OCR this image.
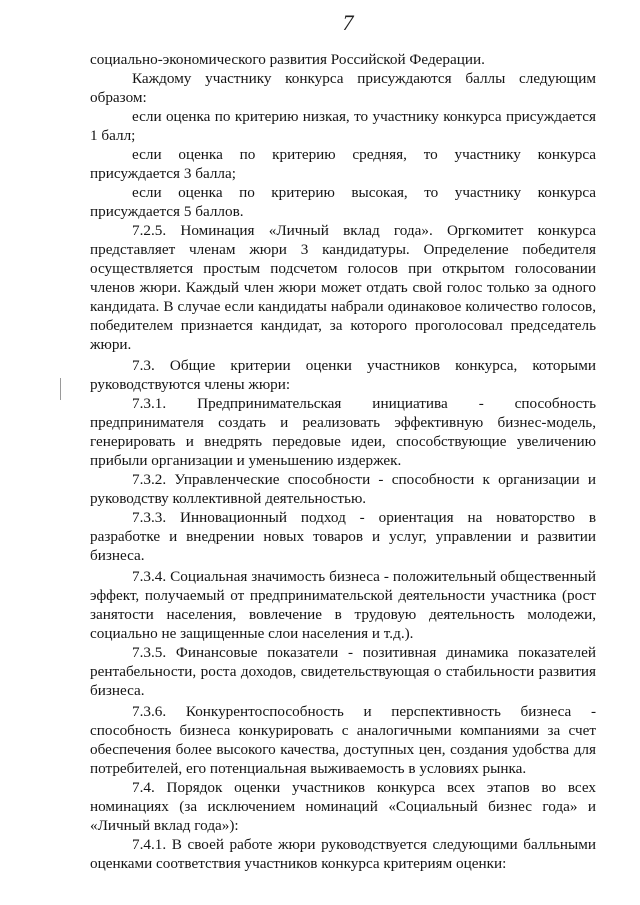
7

социально-экономического развития Российской Федерации.

Каждому участнику конкурса присуждаются баллы следующим образом:

если оценка по критерию низкая, то участнику конкурса присуждается 1 балл;

если оценка по критерию средняя, то участнику конкурса присуждается 3 балла;

если оценка по критерию высокая, то участнику конкурса присуждается 5 баллов.

7.2.5. Номинация «Личный вклад года». Оргкомитет конкурса представляет членам жюри 3 кандидатуры. Определение победителя осуществляется простым подсчетом голосов при открытом голосовании членов жюри. Каждый член жюри может отдать свой голос только за одного кандидата. В случае если кандидаты набрали одинаковое количество голосов, победителем признается кандидат, за которого проголосовал председатель жюри.

7.3. Общие критерии оценки участников конкурса, которыми руководствуются члены жюри:

7.3.1. Предпринимательская инициатива - способность предпринимателя создать и реализовать эффективную бизнес-модель, генерировать и внедрять передовые идеи, способствующие увеличению прибыли организации и уменьшению издержек.

7.3.2. Управленческие способности - способности к организации и руководству коллективной деятельностью.

7.3.3. Инновационный подход - ориентация на новаторство в разработке и внедрении новых товаров и услуг, управлении и развитии бизнеса.

7.3.4. Социальная значимость бизнеса - положительный общественный эффект, получаемый от предпринимательской деятельности участника (рост занятости населения, вовлечение в трудовую деятельность молодежи, социально не защищенные слои населения и т.д.).

7.3.5. Финансовые показатели - позитивная динамика показателей рентабельности, роста доходов, свидетельствующая о стабильности развития бизнеса.

7.3.6. Конкурентоспособность и перспективность бизнеса - способность бизнеса конкурировать с аналогичными компаниями за счет обеспечения более высокого качества, доступных цен, создания удобства для потребителей, его потенциальная выживаемость в условиях рынка.

7.4. Порядок оценки участников конкурса всех этапов во всех номинациях (за исключением номинаций «Социальный бизнес года» и «Личный вклад года»):

7.4.1. В своей работе жюри руководствуется следующими балльными оценками соответствия участников конкурса критериям оценки:
